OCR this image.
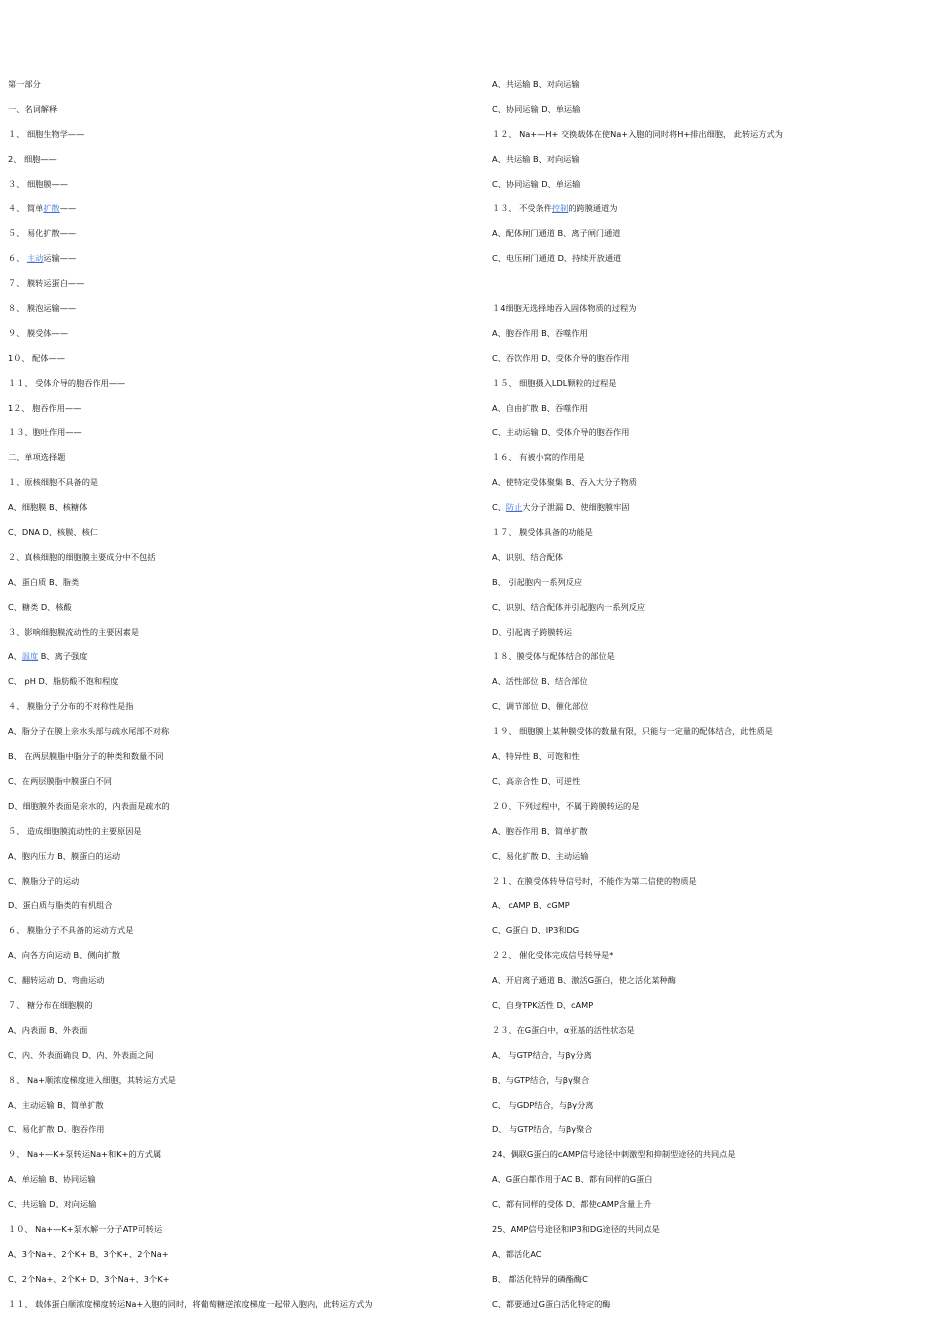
第一部分
一、名词解释
１、 细胞生物学——
2、 细胞——
３、 细胞膜——
４、 简单扩散——
５、 易化扩散——
６、 主动运输——
７、 膜转运蛋白——
８、 膜泡运输——
９、 膜受体——
1０、 配体——
１１、 受体介导的胞吞作用——
1２、 胞吞作用——
１３、胞吐作用——
二、单项选择题
１、原核细胞不具备的是
A、细胞膜 B、核糖体
C、DNA D、核膜、核仁
２、真核细胞的细胞膜主要成分中不包括
A、蛋白质 B、脂类
C、糖类 D、核酸
３、影响细胞膜流动性的主要因素是
A、温度 B、离子强度
C、 pH D、脂肪酸不饱和程度
４、 膜脂分子分布的不对称性是指
A、脂分子在膜上亲水头部与疏水尾部不对称
B、 在两层膜脂中脂分子的种类和数量不同
C、在两层膜脂中膜蛋白不同
D、细胞膜外表面是亲水的，内表面是疏水的
５、 造成细胞膜流动性的主要原因是
A、胞内压力 B、膜蛋白的运动
C、膜脂分子的运动
D、蛋白质与脂类的有机组合
６、 膜脂分子不具备的运动方式是
A、向各方向运动 B、侧向扩散
C、翻转运动 D、弯曲运动
７、 糖分布在细胞膜的
A、内表面 B、外表面
C、内、外表面确良 D、内、外表面之间
８、 Na+顺浓度梯度进入细胞，其转运方式是
A、主动运输 B、简单扩散
C、易化扩散 D、胞吞作用
９、 Na+—K+泵转运Na+和K+的方式属
A、单运输 B、协同运输
C、共运输 D、对向运输
１０、 Na+—K+泵水解一分子ATP可转运
A、3个Na+、2个K+ B、3个K+、2个Na+
C、2个Na+、2个K+ D、3个Na+、3个K+
１１、 载体蛋白顺浓度梯度转运Na+入胞的同时，将葡萄糖逆浓度梯度一起带入胞内，此转运方式为
A、共运输 B、对向运输
C、协同运输 D、单运输
１２、 Na+—H+ 交换载体在使Na+入胞的同时将H+排出细胞， 此转运方式为
A、共运输 B、对向运输
C、协同运输 D、单运输
１３、 不受条件控制的跨膜通道为
A、配体闸门通道 B、离子闸门通道
C、电压闸门通道 D、持续开放通道
１4细胞无选择地吞入固体物质的过程为
A、胞吞作用 B、吞噬作用
C、吞饮作用 D、受体介导的胞吞作用
１５、 细胞摄入LDL颗粒的过程是
A、自由扩散 B、吞噬作用
C、主动运输 D、受体介导的胞吞作用
１６、 有被小窝的作用是
A、使特定受体聚集 B、吞入大分子物质
C、防止大分子泄漏 D、使细胞膜牢固
１７、 膜受体具备的功能是
A、识别、结合配体
B、 引起胞内一系列反应
C、识别、结合配体并引起胞内一系列反应
D、引起离子跨膜转运
１８、膜受体与配体结合的部位是
A、活性部位 B、结合部位
C、调节部位 D、催化部位
１９、 细胞膜上某种膜受体的数量有限，只能与一定量的配体结合，此性质是
A、特异性 B、可饱和性
C、高亲合性 D、可逆性
２０、下列过程中，不属于跨膜转运的是
A、胞吞作用 B、简单扩散
C、易化扩散 D、主动运输
２１、在膜受体转导信号时，不能作为第二信使的物质是
A、 cAMP B、cGMP
C、G蛋白 D、IP3和DG
２２、 催化受体完成信号转导是*
A、开启离子通道 B、激活G蛋白，使之活化某种酶
C、自身TPK活性 D、cAMP
２３、在G蛋白中，α亚基的活性状态是
A、 与GTP结合，与βγ分离
B、与GTP结合，与βγ聚合
C、 与GDP结合，与βγ分离
D、 与GTP结合，与βγ聚合
24、偶联G蛋白的cAMP信号途径中刺激型和抑制型途径的共同点是
A、G蛋白都作用于AC B、都有同样的G蛋白
C、都有同样的受体 D、都使cAMP含量上升
25、AMP信号途径和IP3和DG途径的共同点是
A、都活化AC
B、 都活化特异的磷酯酶C
C、都要通过G蛋白活化特定的酶
